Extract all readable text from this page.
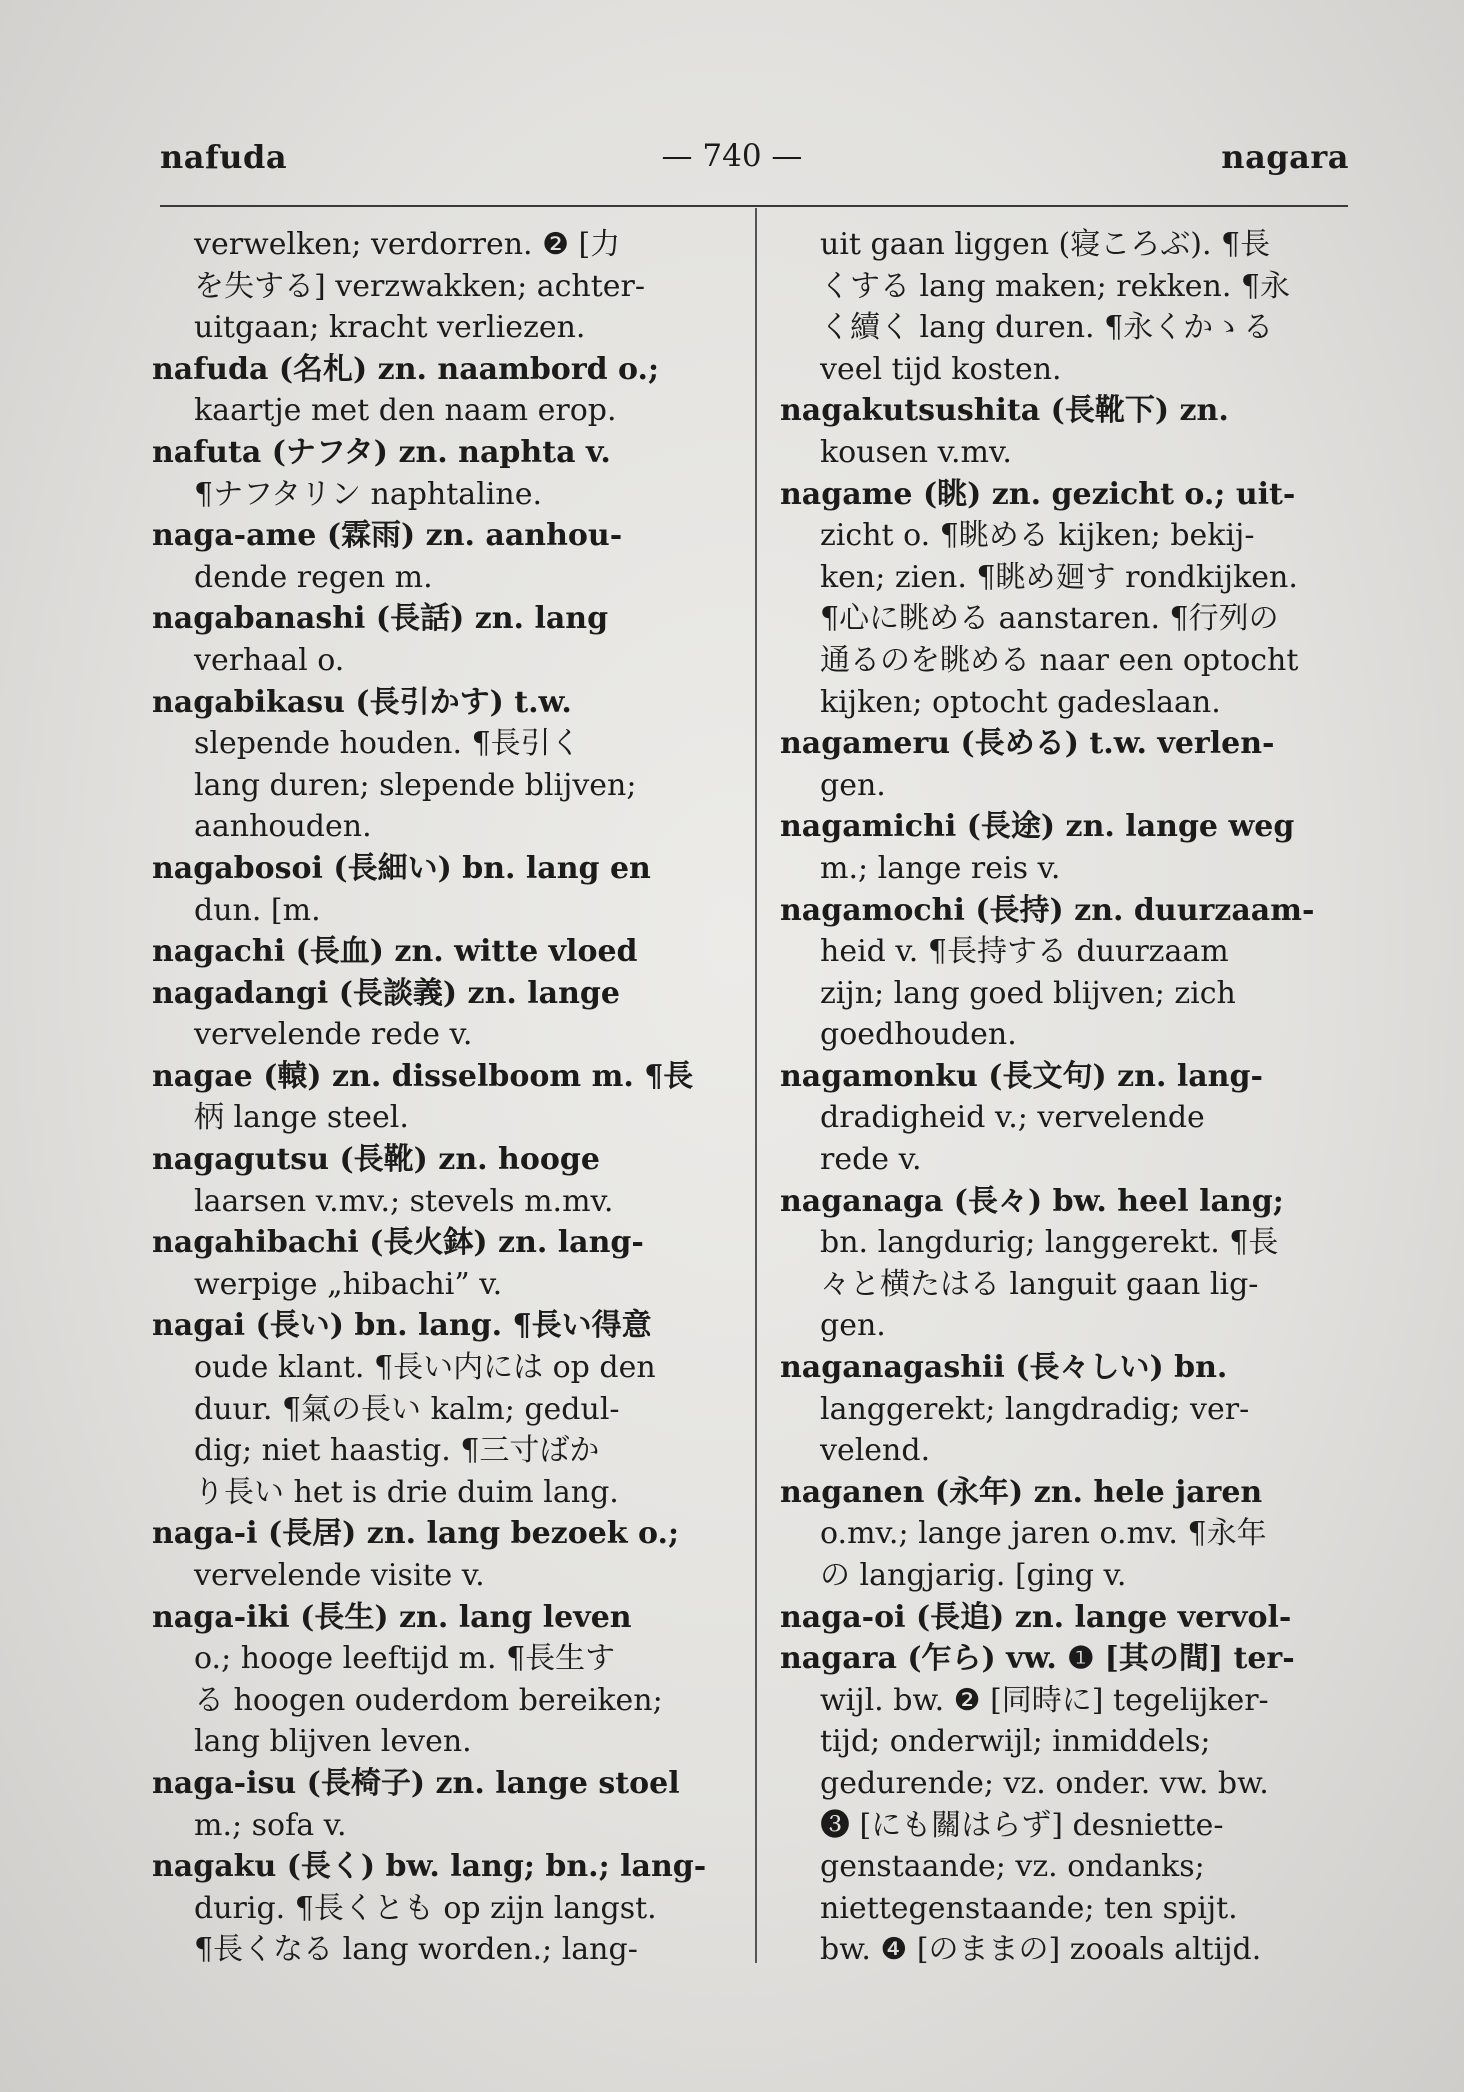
nafuda	— 740 —	nagara
verwelken; verdorren. ❷ [力
を失する] verzwakken; achter-
uitgaan; kracht verliezen.
nafuda (名札) zn. naambord o.;
kaartje met den naam erop.
nafuta (ナフタ) zn. naphta v.
¶ナフタリン naphtaline.
naga-ame (霖雨) zn. aanhou-
dende regen m.
nagabanashi (長話) zn. lang
verhaal o.
nagabikasu (長引かす) t.w.
slepende houden. ¶長引く
lang duren; slepende blijven;
aanhouden.
nagabosoi (長細い) bn. lang en
dun. [m.
nagachi (長血) zn. witte vloed
nagadangi (長談義) zn. lange
vervelende rede v.
nagae (轅) zn. disselboom m. ¶長
柄 lange steel.
nagagutsu (長靴) zn. hooge
laarsen v.mv.; stevels m.mv.
nagahibachi (長火鉢) zn. lang-
werpige „hibachi” v.
nagai (長い) bn. lang. ¶長い得意
oude klant. ¶長い内には op den
duur. ¶氣の長い kalm; gedul-
dig; niet haastig. ¶三寸ばか
り長い het is drie duim lang.
naga-i (長居) zn. lang bezoek o.;
vervelende visite v.
naga-iki (長生) zn. lang leven
o.; hooge leeftijd m. ¶長生す
る hoogen ouderdom bereiken;
lang blijven leven.
naga-isu (長椅子) zn. lange stoel
m.; sofa v.
nagaku (長く) bw. lang; bn.; lang-
durig. ¶長くとも op zijn langst.
¶長くなる lang worden.; lang-
uit gaan liggen (寝ころぶ). ¶長
くする lang maken; rekken. ¶永
く續く lang duren. ¶永くかゝる
veel tijd kosten.
nagakutsushita (長靴下) zn.
kousen v.mv.
nagame (眺) zn. gezicht o.; uit-
zicht o. ¶眺める kijken; bekij-
ken; zien. ¶眺め廻す rondkijken.
¶心に眺める aanstaren. ¶行列の
通るのを眺める naar een optocht
kijken; optocht gadeslaan.
nagameru (長める) t.w. verlen-
gen.
nagamichi (長途) zn. lange weg
m.; lange reis v.
nagamochi (長持) zn. duurzaam-
heid v. ¶長持する duurzaam
zijn; lang goed blijven; zich
goedhouden.
nagamonku (長文句) zn. lang-
dradigheid v.; vervelende
rede v.
naganaga (長々) bw. heel lang;
bn. langdurig; langgerekt. ¶長
々と横たはる languit gaan lig-
gen.
naganagashii (長々しい) bn.
langgerekt; langdradig; ver-
velend.
naganen (永年) zn. hele jaren
o.mv.; lange jaren o.mv. ¶永年
の langjarig. [ging v.
naga-oi (長追) zn. lange vervol-
nagara (乍ら) vw. ❶ [其の間] ter-
wijl. bw. ❷ [同時に] tegelijker-
tijd; onderwijl; inmiddels;
gedurende; vz. onder. vw. bw.
❸ [にも關はらず] desniette-
genstaande; vz. ondanks;
niettegenstaande; ten spijt.
bw. ❹ [のままの] zooals altijd.
